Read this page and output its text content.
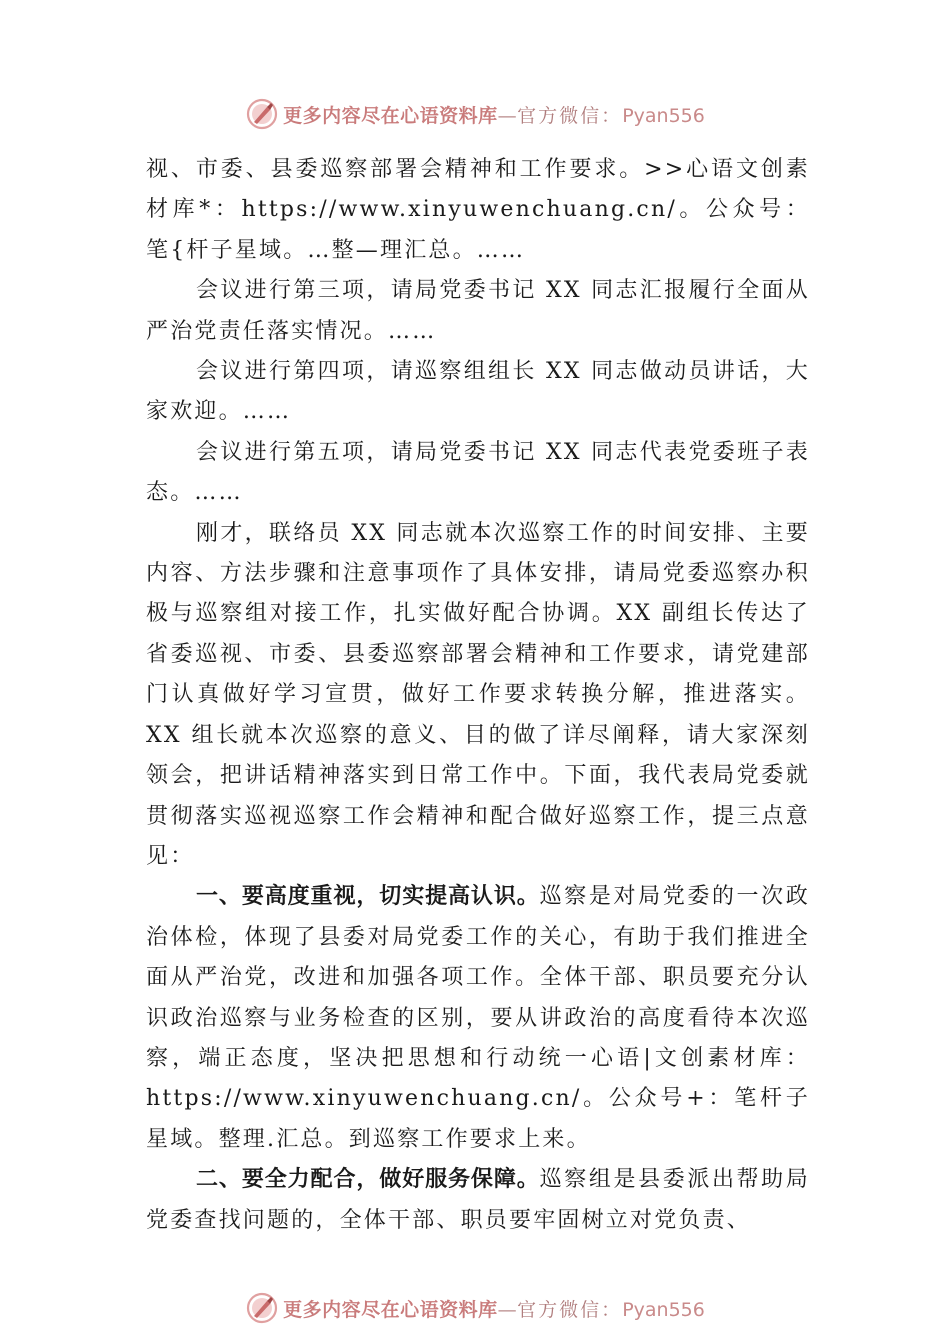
更多内容尽在心语资料库—官方微信：Pyan556

视、市委、县委巡察部署会精神和工作要求。>>心语文创素材库*：https://www.xinyuwenchuang.cn/。公众号：笔{杆子星域。…整—理汇总。……

会议进行第三项，请局党委书记 XX 同志汇报履行全面从严治党责任落实情况。……

会议进行第四项，请巡察组组长 XX 同志做动员讲话，大家欢迎。……

会议进行第五项，请局党委书记 XX 同志代表党委班子表态。……

刚才，联络员 XX 同志就本次巡察工作的时间安排、主要内容、方法步骤和注意事项作了具体安排，请局党委巡察办积极与巡察组对接工作，扎实做好配合协调。XX 副组长传达了省委巡视、市委、县委巡察部署会精神和工作要求，请党建部门认真做好学习宣贯，做好工作要求转换分解，推进落实。XX 组长就本次巡察的意义、目的做了详尽阐释，请大家深刻领会，把讲话精神落实到日常工作中。下面，我代表局党委就贯彻落实巡视巡察工作会精神和配合做好巡察工作，提三点意见：

一、要高度重视，切实提高认识。巡察是对局党委的一次政治体检，体现了县委对局党委工作的关心，有助于我们推进全面从严治党，改进和加强各项工作。全体干部、职员要充分认识政治巡察与业务检查的区别，要从讲政治的高度看待本次巡察，端正态度，坚决把思想和行动统一心语|文创素材库：https://www.xinyuwenchuang.cn/。公众号+：笔杆子星域。整理.汇总。到巡察工作要求上来。

二、要全力配合，做好服务保障。巡察组是县委派出帮助局党委查找问题的，全体干部、职员要牢固树立对党负责、

更多内容尽在心语资料库—官方微信：Pyan556
